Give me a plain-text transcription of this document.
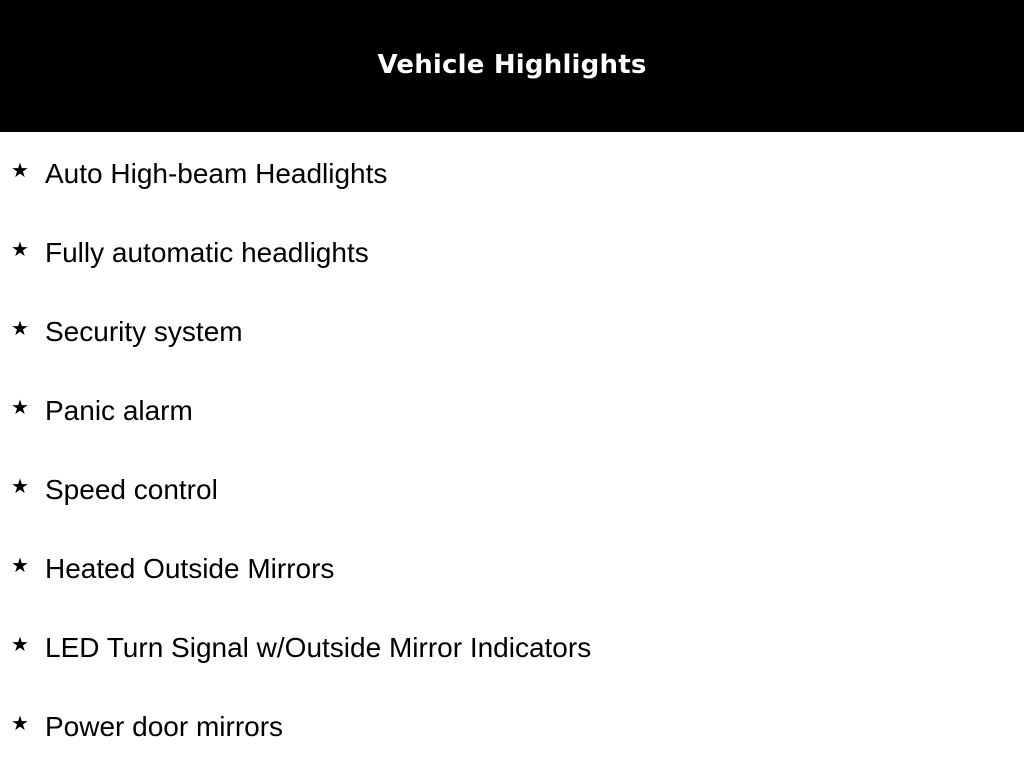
Vehicle Highlights
★ Auto High-beam Headlights
★ Fully automatic headlights
★ Security system
★ Panic alarm
★ Speed control
★ Heated Outside Mirrors
★ LED Turn Signal w/Outside Mirror Indicators
★ Power door mirrors
